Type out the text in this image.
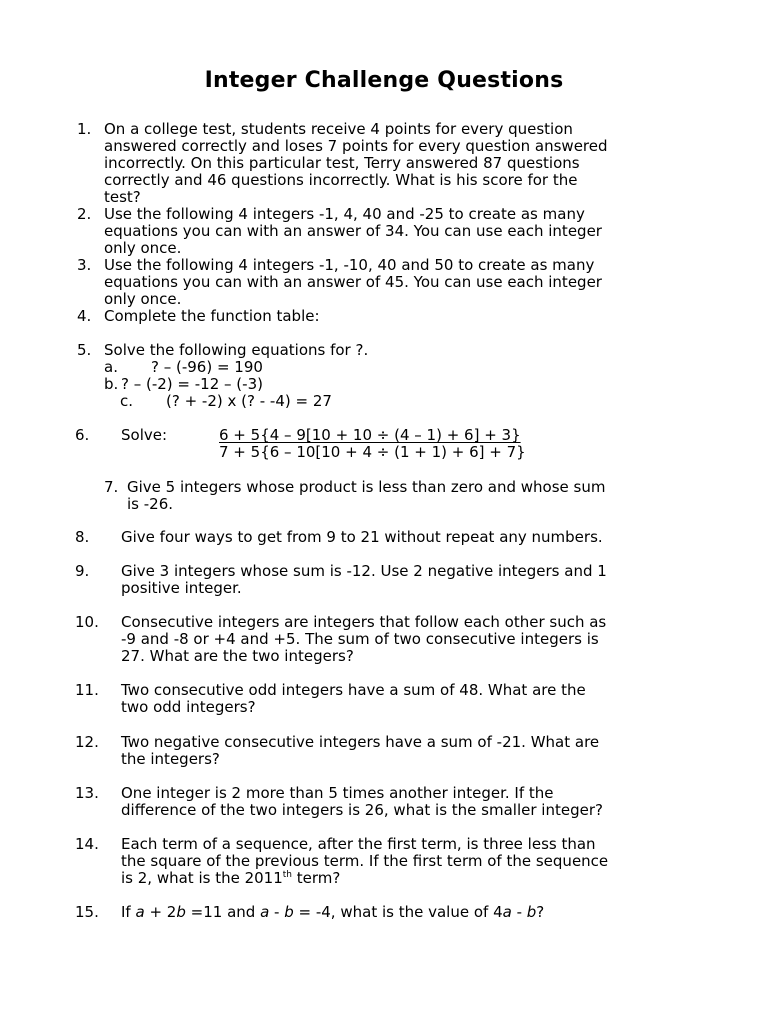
Integer Challenge Questions
1. On a college test, students receive 4 points for every question
answered correctly and loses 7 points for every question answered
incorrectly. On this particular test, Terry answered 87 questions
correctly and 46 questions incorrectly. What is his score for the
test?
2. Use the following 4 integers -1, 4, 40 and -25 to create as many
equations you can with an answer of 34. You can use each integer
only once.
3. Use the following 4 integers -1, -10, 40 and 50 to create as many
equations you can with an answer of 45. You can use each integer
only once.
4. Complete the function table:
5. Solve the following equations for ?.
a. ? – (-96) = 190
b. ? – (-2) = -12 – (-3)
c. (? + -2) x (? - -4) = 27
6. Solve:	6 + 5{4 – 9[10 + 10 ÷ (4 – 1) + 6] + 3}
7 + 5{6 – 10[10 + 4 ÷ (1 + 1) + 6] + 7}
7. Give 5 integers whose product is less than zero and whose sum
is -26.
8. Give four ways to get from 9 to 21 without repeat any numbers.
9. Give 3 integers whose sum is -12. Use 2 negative integers and 1
positive integer.
10. Consecutive integers are integers that follow each other such as
-9 and -8 or +4 and +5. The sum of two consecutive integers is
27. What are the two integers?
11. Two consecutive odd integers have a sum of 48. What are the
two odd integers?
12. Two negative consecutive integers have a sum of -21. What are
the integers?
13. One integer is 2 more than 5 times another integer. If the
difference of the two integers is 26, what is the smaller integer?
14. Each term of a sequence, after the first term, is three less than
the square of the previous term. If the first term of the sequence
is 2, what is the 2011th term?
15. If a + 2b =11 and a - b = -4, what is the value of 4a - b?
